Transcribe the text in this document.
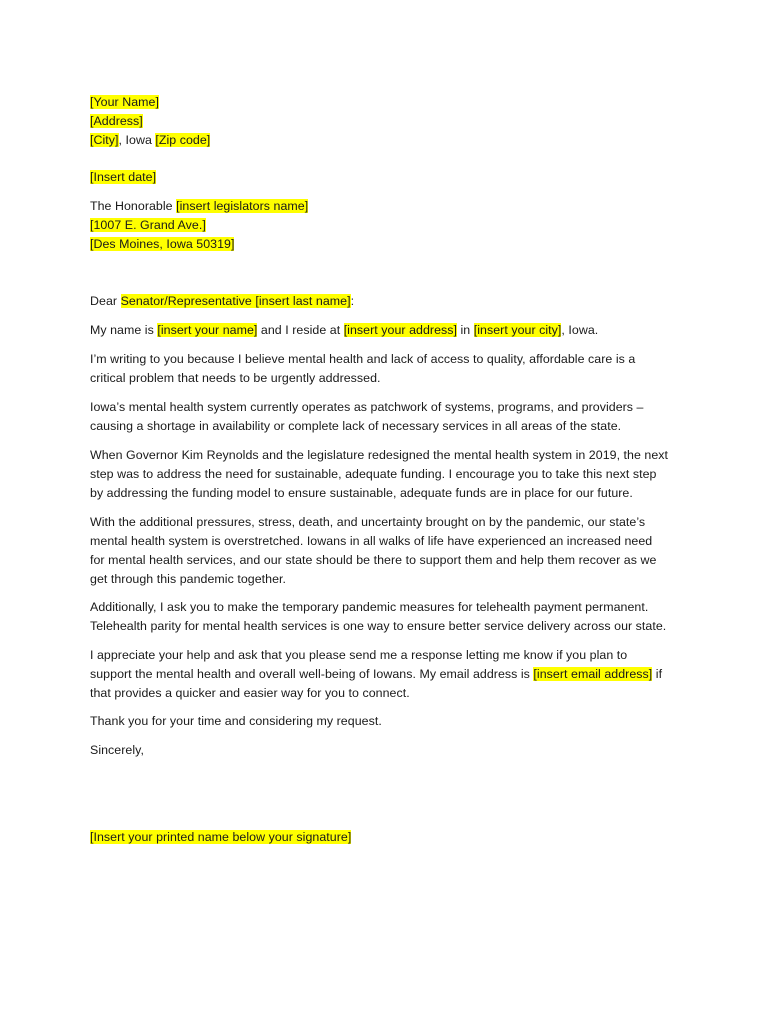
[Your Name]

[Address]

[City], Iowa [Zip code]

[Insert date]

The Honorable [insert legislators name]

[1007 E. Grand Ave.]

[Des Moines, Iowa 50319]

Dear Senator/Representative [insert last name]:

My name is [insert your name] and I reside at [insert your address] in [insert your city], Iowa.

I’m writing to you because I believe mental health and lack of access to quality, affordable care is a

critical problem that needs to be urgently addressed.

Iowa’s mental health system currently operates as patchwork of systems, programs, and providers –

causing a shortage in availability or complete lack of necessary services in all areas of the state.

When Governor Kim Reynolds and the legislature redesigned the mental health system in 2019, the next

step was to address the need for sustainable, adequate funding. I encourage you to take this next step

by addressing the funding model to ensure sustainable, adequate funds are in place for our future.

With the additional pressures, stress, death, and uncertainty brought on by the pandemic, our state’s

mental health system is overstretched. Iowans in all walks of life have experienced an increased need

for mental health services, and our state should be there to support them and help them recover as we

get through this pandemic together.

Additionally, I ask you to make the temporary pandemic measures for telehealth payment permanent.

Telehealth parity for mental health services is one way to ensure better service delivery across our state.

I appreciate your help and ask that you please send me a response letting me know if you plan to

support the mental health and overall well-being of Iowans. My email address is [insert email address] if

that provides a quicker and easier way for you to connect.

Thank you for your time and considering my request.

Sincerely,

[Insert your printed name below your signature]
